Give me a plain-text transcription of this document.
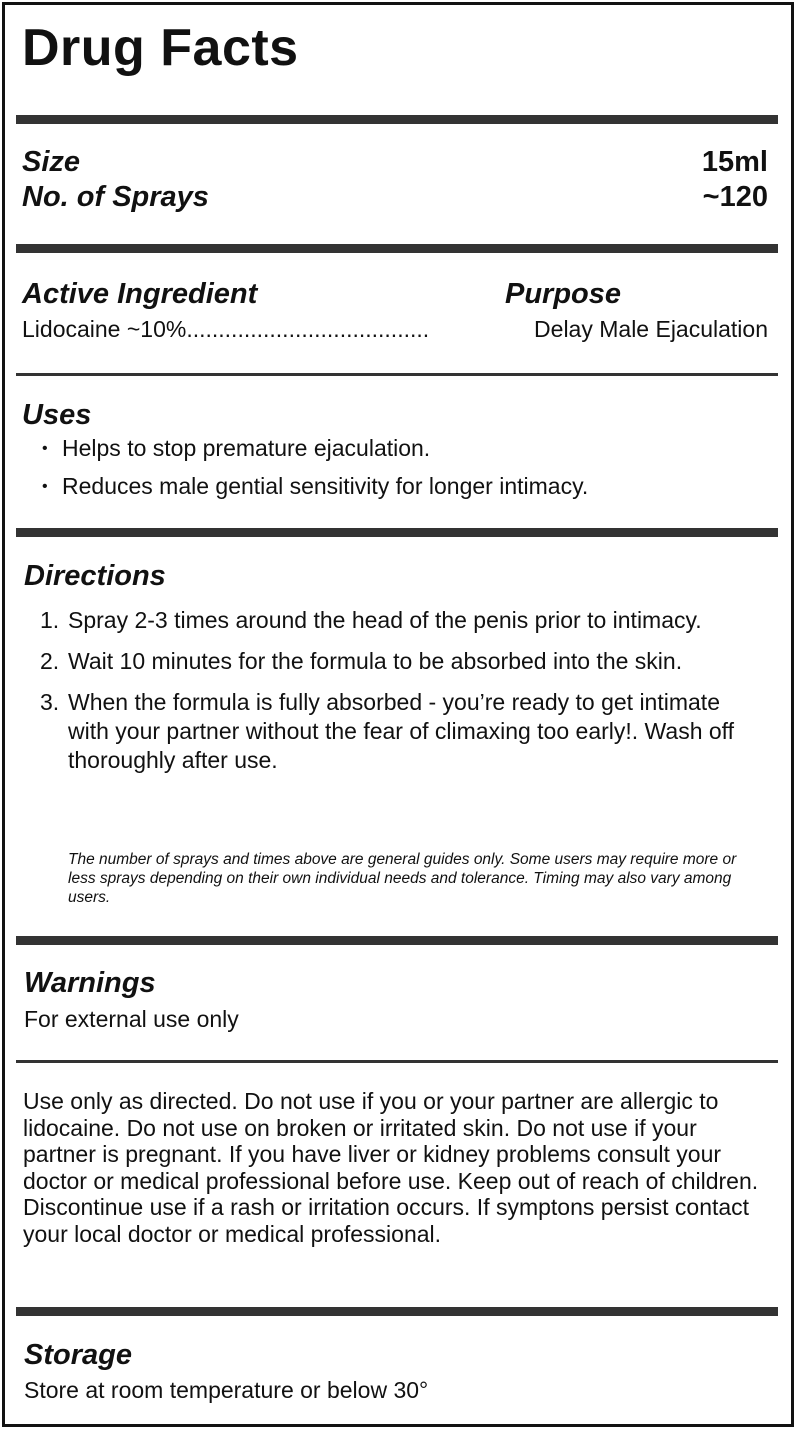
Drug Facts
Size	15ml
No. of Sprays	~120
Active Ingredient	Purpose
Lidocaine ~10%......................................	Delay Male Ejaculation
Uses
• Helps to stop premature ejaculation.
• Reduces male gential sensitivity for longer intimacy.
Directions
1. Spray 2-3 times around the head of the penis prior to intimacy.
2. Wait 10 minutes for the formula to be absorbed into the skin.
3. When the formula is fully absorbed - you’re ready to get intimate with your partner without the fear of climaxing too early!. Wash off thoroughly after use.
The number of sprays and times above are general guides only. Some users may require more or less sprays depending on their own individual needs and tolerance. Timing may also vary among users.
Warnings
For external use only
Use only as directed. Do not use if you or your partner are allergic to lidocaine. Do not use on broken or irritated skin. Do not use if your partner is pregnant. If you have liver or kidney problems consult your doctor or medical professional before use. Keep out of reach of children. Discontinue use if a rash or irritation occurs. If symptons persist contact your local doctor or medical professional.
Storage
Store at room temperature or below 30°
